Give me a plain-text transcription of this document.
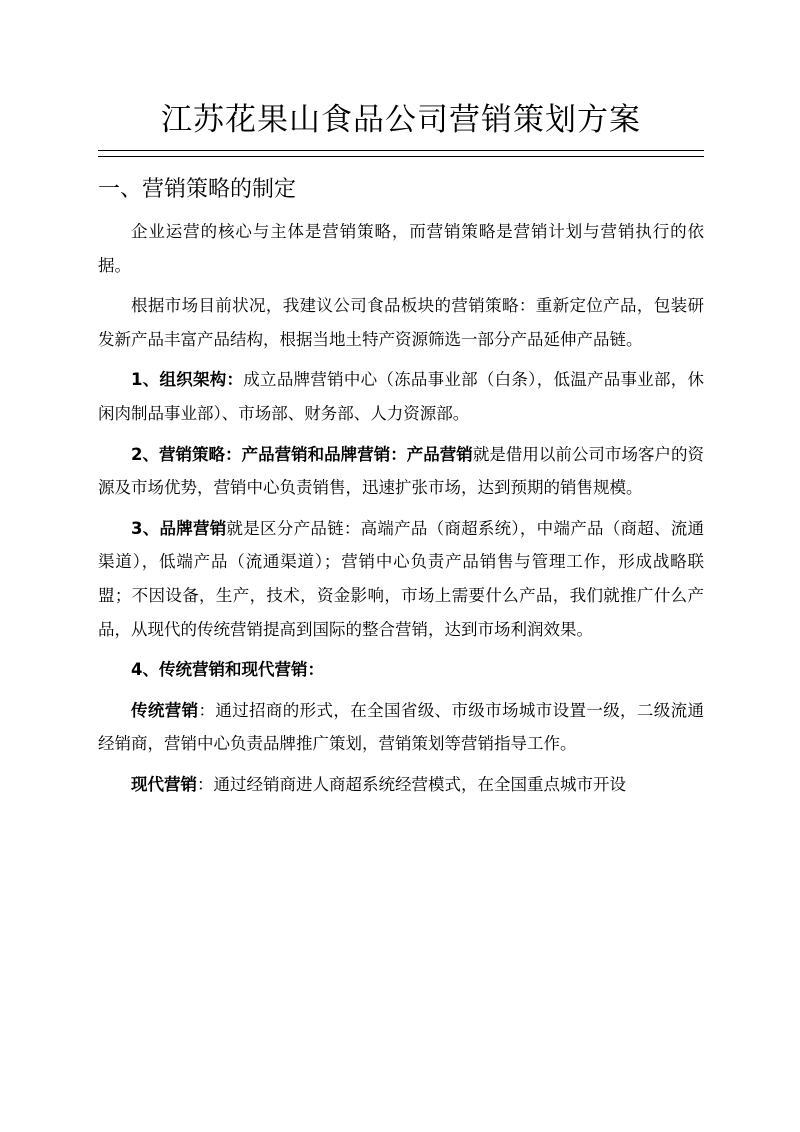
江苏花果山食品公司营销策划方案
一、营销策略的制定

企业运营的核心与主体是营销策略，而营销策略是营销计划与营销执行的依据。

根据市场目前状况，我建议公司食品板块的营销策略：重新定位产品，包装研发新产品丰富产品结构，根据当地土特产资源筛选一部分产品延伸产品链。

1、组织架构：成立品牌营销中心（冻品事业部（白条），低温产品事业部，休闲肉制品事业部）、市场部、财务部、人力资源部。

2、营销策略：产品营销和品牌营销：产品营销就是借用以前公司市场客户的资源及市场优势，营销中心负责销售，迅速扩张市场，达到预期的销售规模。

3、品牌营销就是区分产品链：高端产品（商超系统），中端产品（商超、流通渠道），低端产品（流通渠道）；营销中心负责产品销售与管理工作，形成战略联盟；不因设备，生产，技术，资金影响，市场上需要什么产品，我们就推广什么产品，从现代的传统营销提高到国际的整合营销，达到市场利润效果。

4、传统营销和现代营销：

传统营销：通过招商的形式，在全国省级、市级市场城市设置一级，二级流通经销商，营销中心负责品牌推广策划，营销策划等营销指导工作。

现代营销：通过经销商进人商超系统经营模式，在全国重点城市开设
